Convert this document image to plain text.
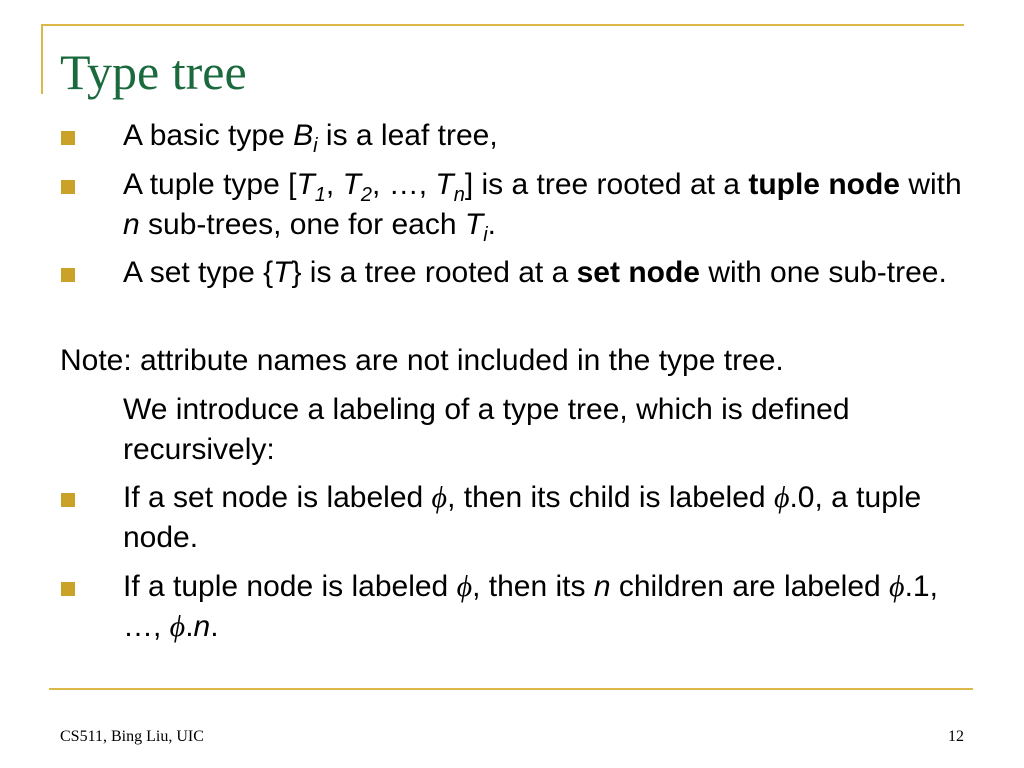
Type tree
A basic type $B_i$ is a leaf tree,
A tuple type [$T_1$, $T_2$, …, $T_n$] is a tree rooted at a tuple node with n sub-trees, one for each $T_i$.
A set type {T} is a tree rooted at a set node with one sub-tree.
Note: attribute names are not included in the type tree.
We introduce a labeling of a type tree, which is defined recursively:
If a set node is labeled ϕ, then its child is labeled ϕ.0, a tuple node.
If a tuple node is labeled ϕ, then its n children are labeled ϕ.1, …, ϕ.n.
CS511, Bing Liu, UIC	12
